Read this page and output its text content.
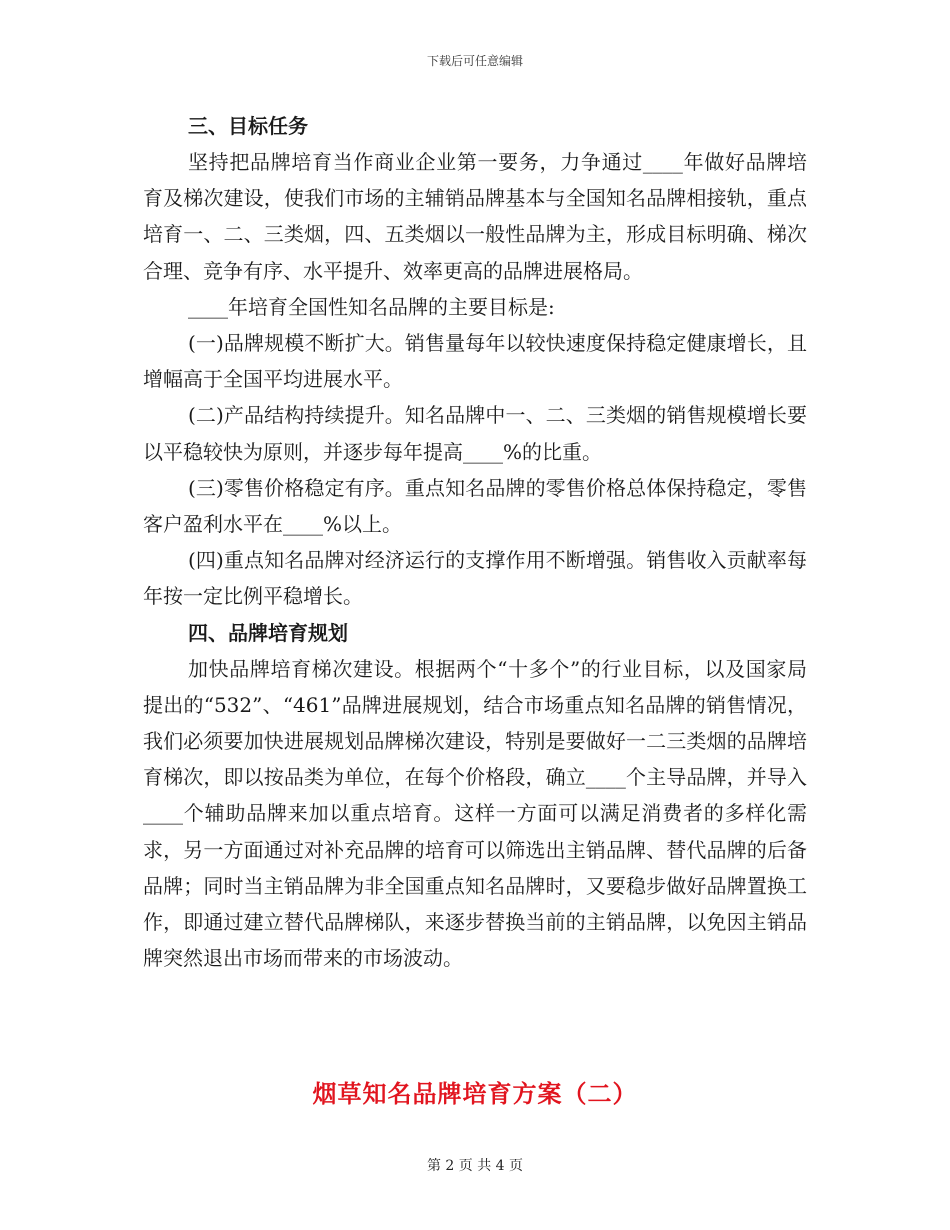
下载后可任意编辑
三、目标任务

坚持把品牌培育当作商业企业第一要务，力争通过____年做好品牌培育及梯次建设，使我们市场的主辅销品牌基本与全国知名品牌相接轨，重点培育一、二、三类烟，四、五类烟以一般性品牌为主，形成目标明确、梯次合理、竞争有序、水平提升、效率更高的品牌进展格局。

____年培育全国性知名品牌的主要目标是:

(一)品牌规模不断扩大。销售量每年以较快速度保持稳定健康增长，且增幅高于全国平均进展水平。

(二)产品结构持续提升。知名品牌中一、二、三类烟的销售规模增长要以平稳较快为原则，并逐步每年提高____%的比重。

(三)零售价格稳定有序。重点知名品牌的零售价格总体保持稳定，零售客户盈利水平在____%以上。

(四)重点知名品牌对经济运行的支撑作用不断增强。销售收入贡献率每年按一定比例平稳增长。

四、品牌培育规划

加快品牌培育梯次建设。根据两个“十多个”的行业目标，以及国家局提出的“532”、“461”品牌进展规划，结合市场重点知名品牌的销售情况，我们必须要加快进展规划品牌梯次建设，特别是要做好一二三类烟的品牌培育梯次，即以按品类为单位，在每个价格段，确立____个主导品牌，并导入____个辅助品牌来加以重点培育。这样一方面可以满足消费者的多样化需求，另一方面通过对补充品牌的培育可以筛选出主销品牌、替代品牌的后备品牌；同时当主销品牌为非全国重点知名品牌时，又要稳步做好品牌置换工作，即通过建立替代品牌梯队，来逐步替换当前的主销品牌，以免因主销品牌突然退出市场而带来的市场波动。

烟草知名品牌培育方案（二）
第 2 页 共 4 页
